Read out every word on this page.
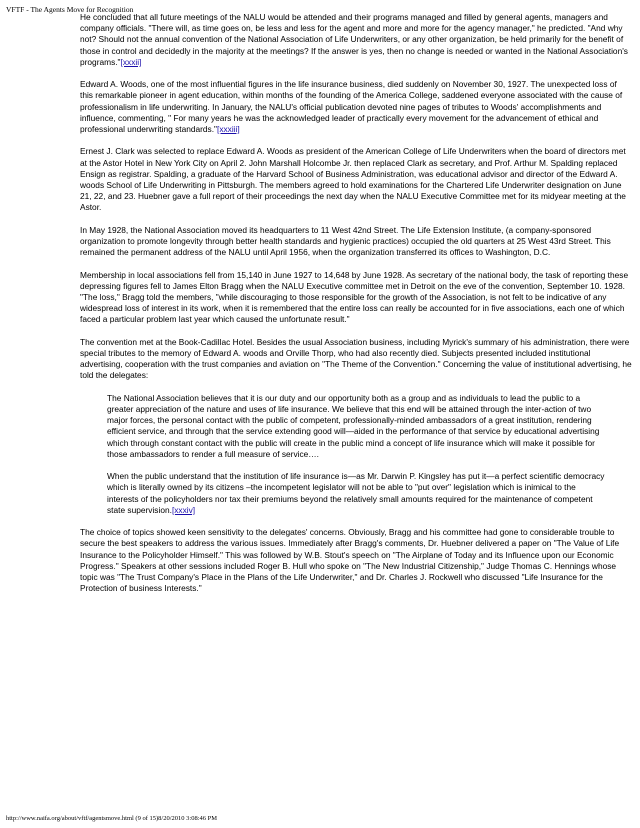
VFTF - The Agents Move for Recognition

He concluded that all future meetings of the NALU would be attended and their programs managed and filled by general agents, managers and company officials. "There will, as time goes on, be less and less for the agent and more and more for the agency manager," he predicted. "And why not? Should not the annual convention of the National Association of Life Underwriters, or any other organization, be held primarily for the benefit of those in control and decidedly in the majority at the meetings? If the answer is yes, then no change is needed or wanted in the National Association's programs."[xxxii]

Edward A. Woods, one of the most influential figures in the life insurance business, died suddenly on November 30, 1927. The unexpected loss of this remarkable pioneer in agent education, within months of the founding of the America College, saddened everyone associated with the cause of professionalism in life underwriting. In January, the NALU's official publication devoted nine pages of tributes to Woods' accomplishments and influence, commenting, " For many years he was the acknowledged leader of practically every movement for the advancement of ethical and professional underwriting standards."[xxxiii]

Ernest J. Clark was selected to replace Edward A. Woods as president of the American College of Life Underwriters when the board of directors met at the Astor Hotel in New York City on April 2. John Marshall Holcombe Jr. then replaced Clark as secretary, and Prof. Arthur M. Spalding replaced Ensign as registrar. Spalding, a graduate of the Harvard School of Business Administration, was educational advisor and director of the Edward A. woods School of Life Underwriting in Pittsburgh. The members agreed to hold examinations for the Chartered Life Underwriter designation on June 21, 22, and 23. Huebner gave a full report of their proceedings the next day when the NALU Executive Committee met for its midyear meeting at the Astor.

In May 1928, the National Association moved its headquarters to 11 West 42nd Street. The Life Extension Institute, (a company-sponsored organization to promote longevity through better health standards and hygienic practices) occupied the old quarters at 25 West 43rd Street. This remained the permanent address of the NALU until April 1956, when the organization transferred its offices to Washington, D.C.

Membership in local associations fell from 15,140 in June 1927 to 14,648 by June 1928. As secretary of the national body, the task of reporting these depressing figures fell to James Elton Bragg when the NALU Executive committee met in Detroit on the eve of the convention, September 10. 1928. "The loss," Bragg told the members, "while discouraging to those responsible for the growth of the Association, is not felt to be indicative of any widespread loss of interest in its work, when it is remembered that the entire loss can really be accounted for in five associations, each one of which faced a particular problem last year which caused the unfortunate result."

The convention met at the Book-Cadillac Hotel. Besides the usual Association business, including Myrick's summary of his administration, there were special tributes to the memory of Edward A. woods and Orville Thorp, who had also recently died. Subjects presented included institutional advertising, cooperation with the trust companies and aviation on "The Theme of the Convention." Concerning the value of institutional advertising, he told the delegates:

The National Association believes that it is our duty and our opportunity both as a group and as individuals to lead the public to a greater appreciation of the nature and uses of life insurance. We believe that this end will be attained through the inter-action of two major forces, the personal contact with the public of competent, professionally-minded ambassadors of a great institution, rendering efficient service, and through that the service extending good will—aided in the performance of that service by educational advertising which through constant contact with the public will create in the public mind a concept of life insurance which will make it possible for those ambassadors to render a full measure of service….

When the public understand that the institution of life insurance is—as Mr. Darwin P. Kingsley has put it—a perfect scientific democracy which is literally owned by its citizens –the incompetent legislator will not be able to "put over" legislation which is inimical to the interests of the policyholders nor tax their premiums beyond the relatively small amounts required for the maintenance of competent state supervision.[xxxiv]

The choice of topics showed keen sensitivity to the delegates' concerns. Obviously, Bragg and his committee had gone to considerable trouble to secure the best speakers to address the various issues. Immediately after Bragg's comments, Dr. Huebner delivered a paper on "The Value of Life Insurance to the Policyholder Himself." This was followed by W.B. Stout's speech on "The Airplane of Today and its Influence upon our Economic Progress." Speakers at other sessions included Roger B. Hull who spoke on "The New Industrial Citizenship," Judge Thomas C. Hennings whose topic was "The Trust Company's Place in the Plans of the Life Underwriter," and Dr. Charles J. Rockwell who discussed "Life Insurance for the Protection of business Interests."

http://www.naifa.org/about/vftf/agentsmove.html (9 of 15)8/20/2010 3:08:46 PM
